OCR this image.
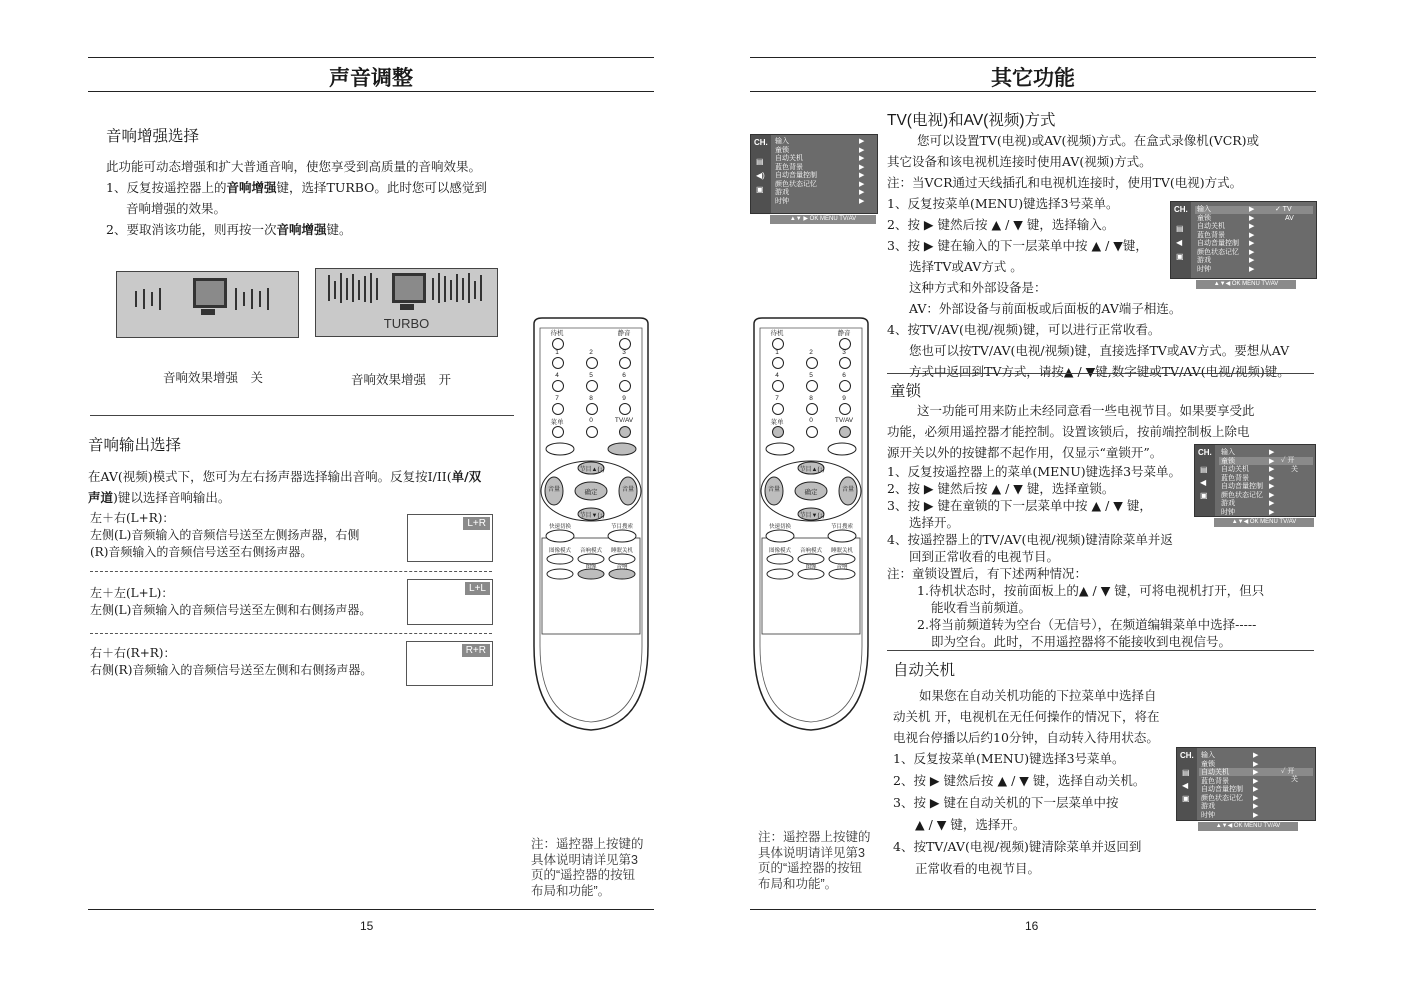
声音调整
音响增强选择
此功能可动态增强和扩大普通音响，使您享受到高质量的音响效果。
1、反复按遥控器上的音响增强键，选择TURBO。此时您可以感觉到
音响增强的效果。
2、要取消该功能，则再按一次音响增强键。
TURBO
音响效果增强　关	音响效果增强　开
音响输出选择
在AV(视频)模式下，您可为左右扬声器选择输出音响。反复按I/II(单/双
声道)键以选择音响输出。
左＋右(L+R)：
左侧(L)音频输入的音频信号送至左侧扬声器，右侧
(R)音频输入的音频信号送至右侧扬声器。
L+R
左＋左(L+L)：
左侧(L)音频输入的音频信号送至左侧和右侧扬声器。
L+L
右＋右(R+R)：
右侧(R)音频输入的音频信号送至左侧和右侧扬声器。
R+R
待机	静音
1	2	3
4	5	6
7	8	9
菜单	0	TV/AV
节目▲(↕)
确定
节目▼(↕)
音量	音量
快速切换	节目搜索
图像模式 音响模式 睡眠关机
图像	音响
注：遥控器上按键的
具体说明请详见第3
页的“遥控器的按钮
布局和功能”。
15
其它功能
TV(电视)和AV(视频)方式
您可以设置TV(电视)或AV(视频)方式。在盒式录像机(VCR)或
其它设备和该电视机连接时使用AV(视频)方式。
注：当VCR通过天线插孔和电视机连接时，使用TV(电视)方式。
1、反复按菜单(MENU)键选择3号菜单。
2、按 ▶ 键然后按 ▲ / ▼ 键，选择输入。
3、按 ▶ 键在输入的下一层菜单中按 ▲ / ▼键，
选择TV或AV方式 。
这种方式和外部设备是：
AV：外部设备与前面板或后面板的AV端子相连。
4、按TV/AV(电视/视频)键，可以进行正常收看。
您也可以按TV/AV(电视/视频)键，直接选择TV或AV方式。要想从AV
方式中返回到TV方式，请按▲ / ▼键,数字键或TV/AV(电视/视频)键。
CH.
▤
◀)
▣
输入
童锁
自动关机
蓝色背景
自动音量控制
颜色状态记忆
游戏
时钟
▶
▶
▶
▶
▶
▶
▶
▶
▲▼ ▶ OK MENU TV/AV
CH.
▤
◀
▣
输入
童锁
自动关机
蓝色背景
自动音量控制
颜色状态记忆
游戏
时钟
▶
▶
▶
▶
▶
▶
▶
▶
✓ TV
AV
▲▼◀ OK MENU TV/AV
童锁
这一功能可用来防止未经同意看一些电视节目。如果要享受此
功能，必须用遥控器才能控制。设置该锁后，按前端控制板上除电
源开关以外的按键都不起作用，仅显示“童锁开”。
1、反复按遥控器上的菜单(MENU)键选择3号菜单。
2、按 ▶ 键然后按 ▲ / ▼ 键，选择童锁。
3、按 ▶ 键在童锁的下一层菜单中按 ▲ / ▼ 键，
选择开。
4、按遥控器上的TV/AV(电视/视频)键清除菜单并返
回到正常收看的电视节目。
注：童锁设置后，有下述两种情况：
1.待机状态时，按前面板上的▲ / ▼ 键，可将电视机打开，但只
能收看当前频道。
2.将当前频道转为空台（无信号），在频道编辑菜单中选择-----
即为空台。此时，不用遥控器将不能接收到电视信号。
CH.
▤
◀
▣
输入
童锁
自动关机
蓝色背景
自动音量控制
颜色状态记忆
游戏
时钟
▶
▶
▶
▶
▶
▶
▶
▶
✓ 开
关
▲▼◀ OK MENU TV/AV
自动关机
如果您在自动关机功能的下拉菜单中选择自
动关机 开，电视机在无任何操作的情况下，将在
电视台停播以后约10分钟，自动转入待用状态。
1、反复按菜单(MENU)键选择3号菜单。
2、按 ▶ 键然后按 ▲ / ▼ 键，选择自动关机。
3、按 ▶ 键在自动关机的下一层菜单中按
▲ / ▼ 键，选择开。
4、按TV/AV(电视/视频)键清除菜单并返回到
正常收看的电视节目。
CH.
▤
◀
▣
输入
童锁
自动关机
蓝色背景
自动音量控制
颜色状态记忆
游戏
时钟
▶
▶
▶
▶
▶
▶
▶
▶
✓ 开
关
▲▼◀ OK MENU TV/AV
待机	静音
1	2	3
4	5	6
7	8	9
菜单	0	TV/AV
节目▲(↕)
确定
节目▼(↕)
音量	音量
快速切换	节目搜索
图像模式 音响模式 睡眠关机
图像	音响
注：遥控器上按键的
具体说明请详见第3
页的“遥控器的按钮
布局和功能”。
16
